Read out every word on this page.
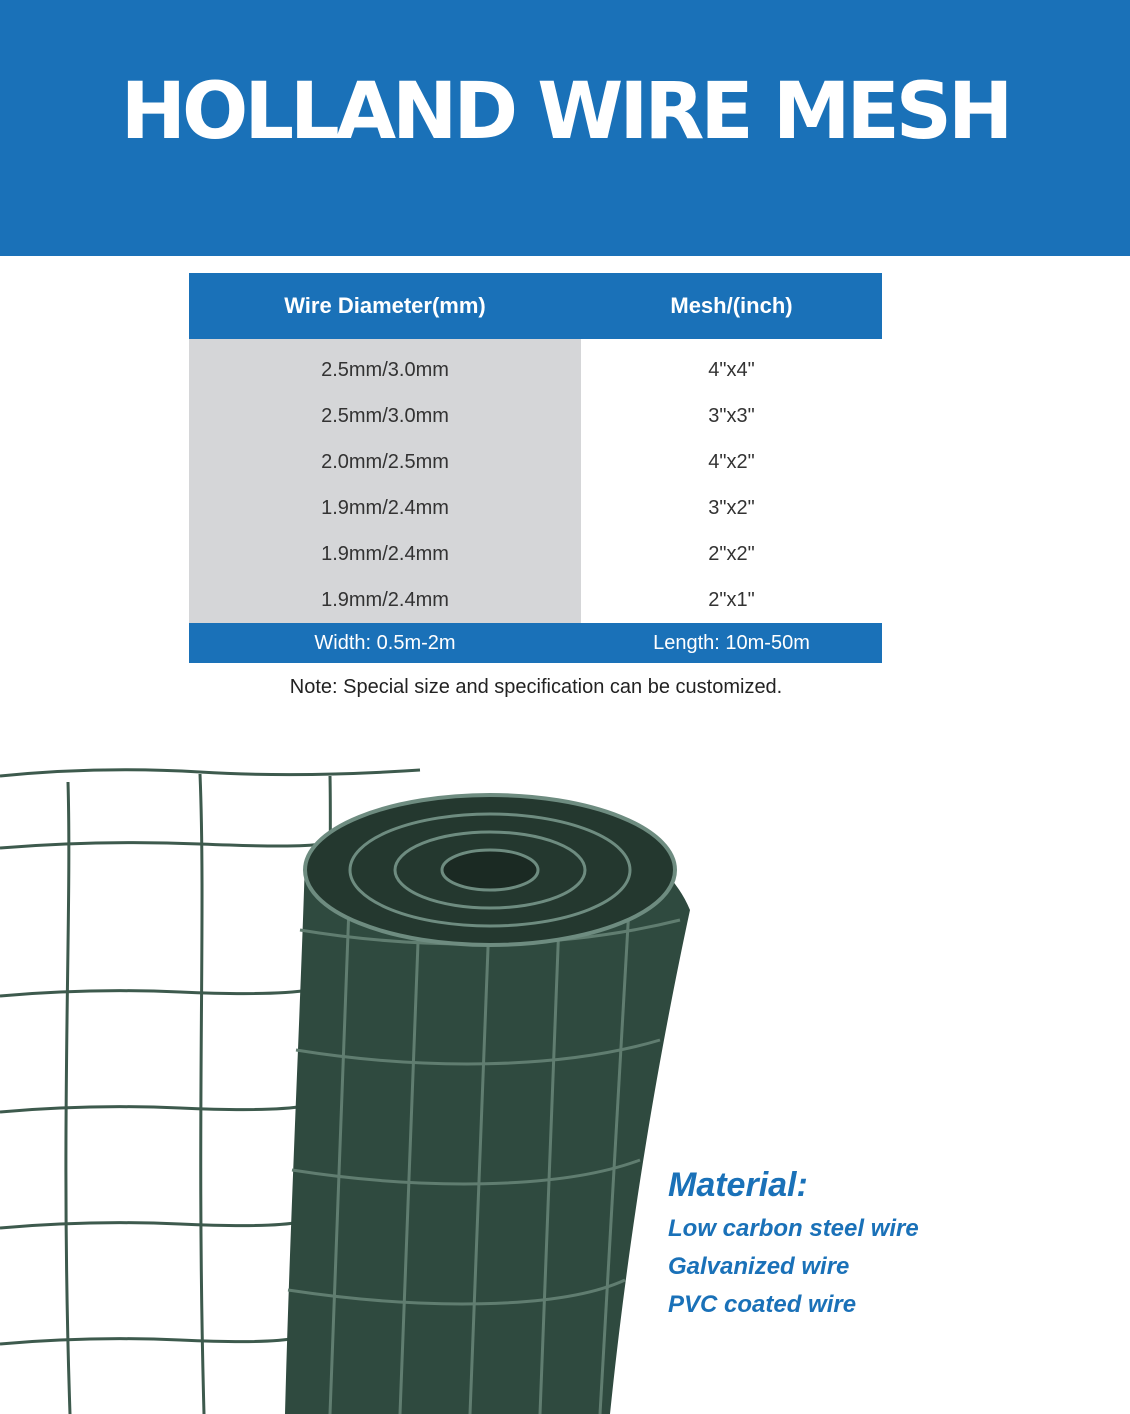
HOLLAND WIRE MESH
Wire Diameter(mm)	Mesh/(inch)
2.5mm/3.0mm
2.5mm/3.0mm
2.0mm/2.5mm
1.9mm/2.4mm
1.9mm/2.4mm
1.9mm/2.4mm
4"x4"
3"x3"
4"x2"
3"x2"
2"x2"
2"x1"
Width: 0.5m-2m	Length: 10m-50m
Note: Special size and specification can be customized.
Material:
Low carbon steel wire
Galvanized wire
PVC coated wire
